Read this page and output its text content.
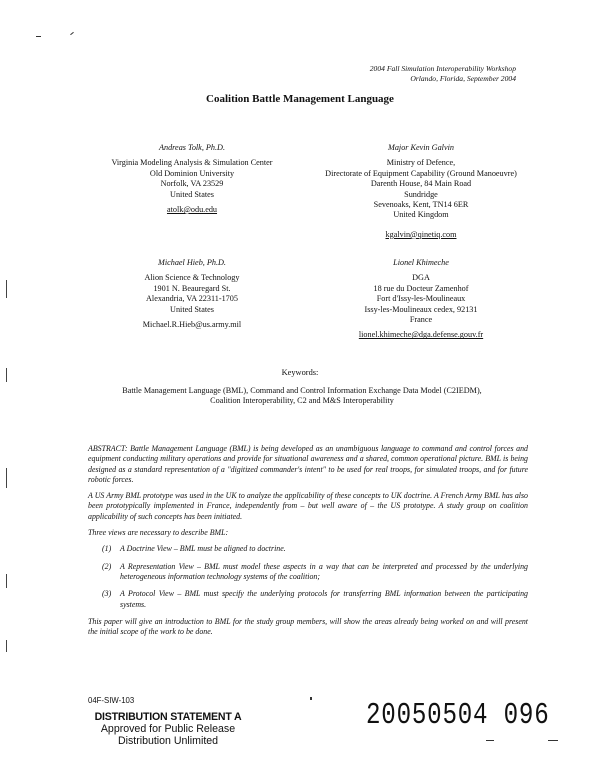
2004 Fall Simulation Interoperability Workshop
Orlando, Florida, September 2004
Coalition Battle Management Language
Andreas Tolk, Ph.D.
Virginia Modeling Analysis & Simulation Center
Old Dominion University
Norfolk, VA 23529
United States
atolk@odu.edu
Major Kevin Galvin
Ministry of Defence,
Directorate of Equipment Capability (Ground Manoeuvre)
Darenth House, 84 Main Road
Sundridge
Sevenoaks, Kent, TN14 6ER
United Kingdom
kgalvin@qinetiq.com
Michael Hieb, Ph.D.
Alion Science & Technology
1901 N. Beauregard St.
Alexandria, VA 22311-1705
United States
Michael.R.Hieb@us.army.mil
Lionel Khimeche
DGA
18 rue du Docteur Zamenhof
Fort d'Issy-les-Moulineaux
Issy-les-Moulineaux cedex, 92131
France
lionel.khimeche@dga.defense.gouv.fr
Keywords:
Battle Management Language (BML), Command and Control Information Exchange Data Model (C2IEDM),
Coalition Interoperability, C2 and M&S Interoperability
ABSTRACT: Battle Management Language (BML) is being developed as an unambiguous language to command and control forces and equipment conducting military operations and provide for situational awareness and a shared, common operational picture. BML is being designed as a standard representation of a "digitized commander's intent" to be used for real troops, for simulated troops, and for future robotic forces.
A US Army BML prototype was used in the UK to analyze the applicability of these concepts to UK doctrine. A French Army BML has also been prototypically implemented in France, independently from – but well aware of – the US prototype. A study group on coalition applicability of such concepts has been initiated.
Three views are necessary to describe BML:
(1)	A Doctrine View – BML must be aligned to doctrine.
(2)	A Representation View – BML must model these aspects in a way that can be interpreted and processed by the underlying heterogeneous information technology systems of the coalition;
(3)	A Protocol View – BML must specify the underlying protocols for transferring BML information between the participating systems.
This paper will give an introduction to BML for the study group members, will show the areas already being worked on and will present the initial scope of the work to be done.
04F-SIW-103
DISTRIBUTION STATEMENT A
Approved for Public Release
Distribution Unlimited
20050504 096
